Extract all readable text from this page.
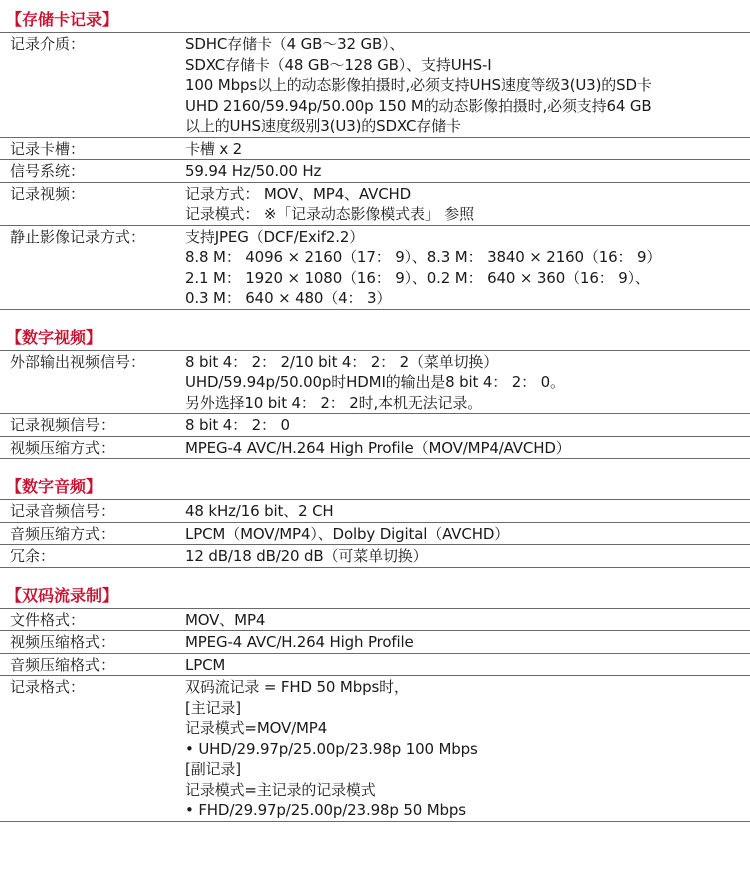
【存储卡记录】
记录介质：	SDHC存储卡（4 GB～32 GB）、
SDXC存储卡（48 GB～128 GB）、支持UHS-I
100 Mbps以上的动态影像拍摄时,必须支持UHS速度等级3(U3)的SD卡
UHD 2160/59.94p/50.00p 150 M的动态影像拍摄时,必须支持64 GB
以上的UHS速度级别3(U3)的SDXC存储卡
记录卡槽：	卡槽 x 2
信号系统：	59.94 Hz/50.00 Hz
记录视频：	记录方式： MOV、MP4、AVCHD
记录模式： ※「记录动态影像模式表」 参照
静止影像记录方式：	支持JPEG（DCF/Exif2.2）
8.8 M： 4096 × 2160（17： 9）、8.3 M： 3840 × 2160（16： 9）
2.1 M： 1920 × 1080（16： 9）、0.2 M： 640 × 360（16： 9）、
0.3 M： 640 × 480（4： 3）
【数字视频】
外部输出视频信号：	8 bit 4： 2： 2/10 bit 4： 2： 2（菜单切换）
UHD/59.94p/50.00p时HDMI的输出是8 bit 4： 2： 0。
另外选择10 bit 4： 2： 2时,本机无法记录。
记录视频信号：	8 bit 4： 2： 0
视频压缩方式：	MPEG-4 AVC/H.264 High Profile（MOV/MP4/AVCHD）
【数字音频】
记录音频信号：	48 kHz/16 bit、2 CH
音频压缩方式：	LPCM（MOV/MP4）、Dolby Digital（AVCHD）
冗余：	12 dB/18 dB/20 dB（可菜单切换）
【双码流录制】
文件格式：	MOV、MP4
视频压缩格式：	MPEG-4 AVC/H.264 High Profile
音频压缩格式：	LPCM
记录格式：	双码流记录 = FHD 50 Mbps时，
[主记录]
记录模式=MOV/MP4
• UHD/29.97p/25.00p/23.98p 100 Mbps
[副记录]
记录模式=主记录的记录模式
• FHD/29.97p/25.00p/23.98p 50 Mbps
